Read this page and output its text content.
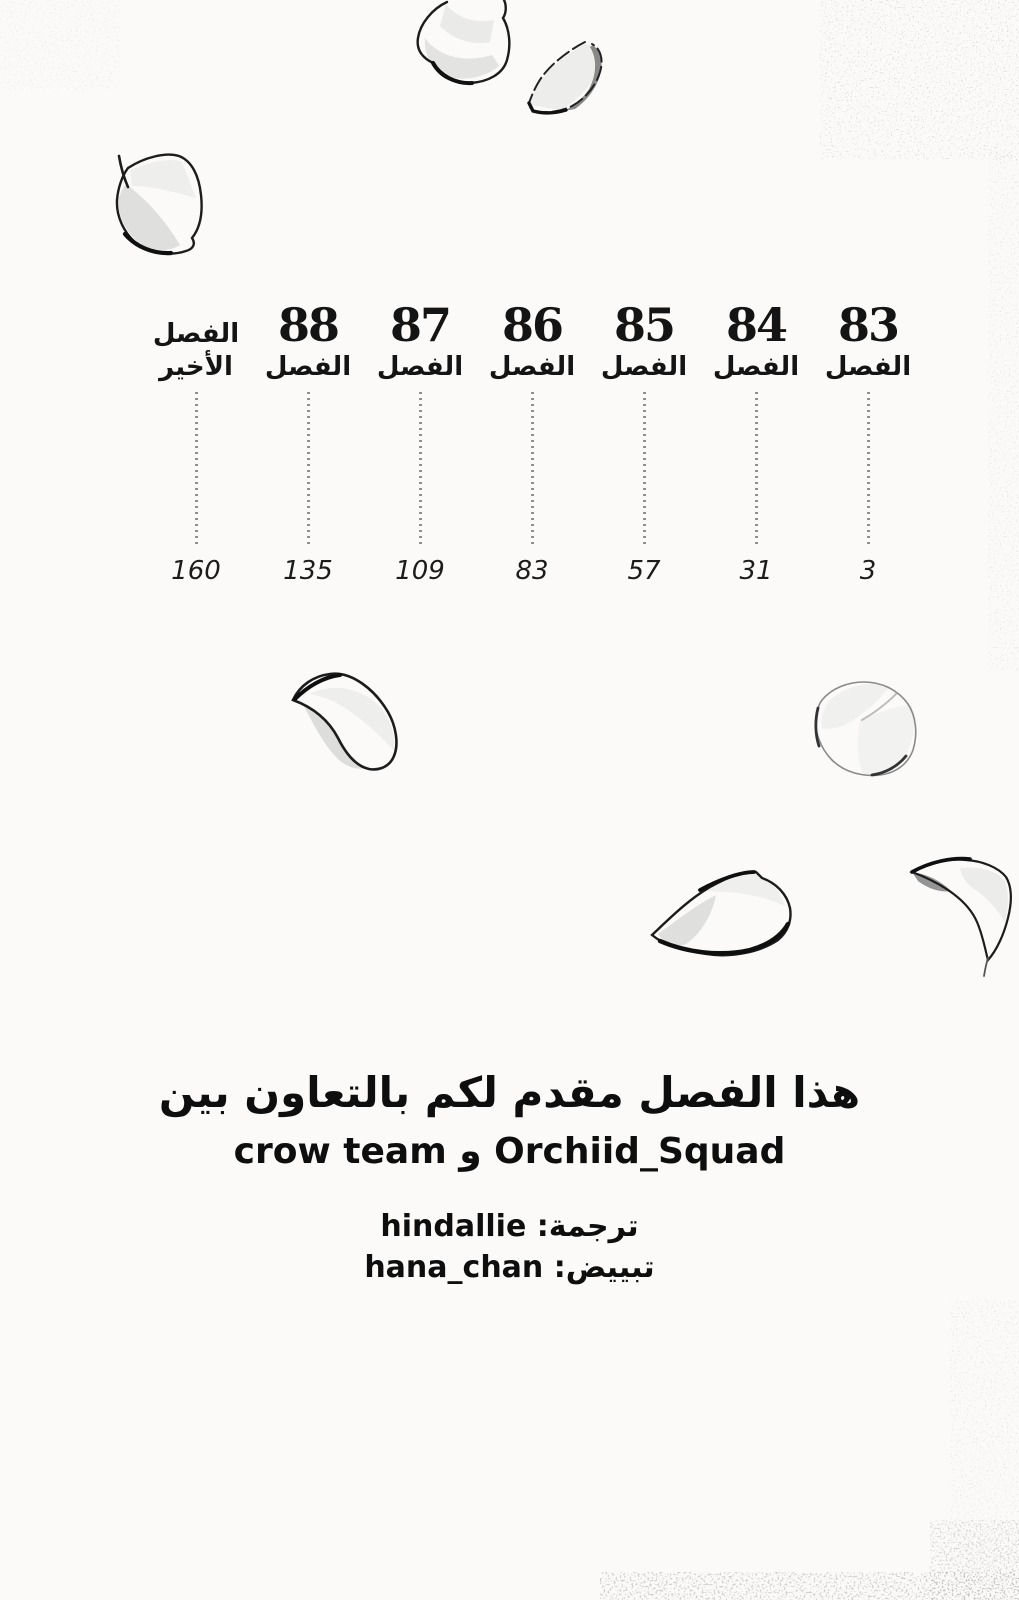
الفصل
الأخير
160
88
الفصل
135
87
الفصل
109
86
الفصل
83
85
الفصل
57
84
الفصل
31
83
الفصل
3
هذا الفصل مقدم لكم بالتعاون بين
crow team و Orchiid_Squad
ترجمة: hindallie
تبييض: hana_chan
